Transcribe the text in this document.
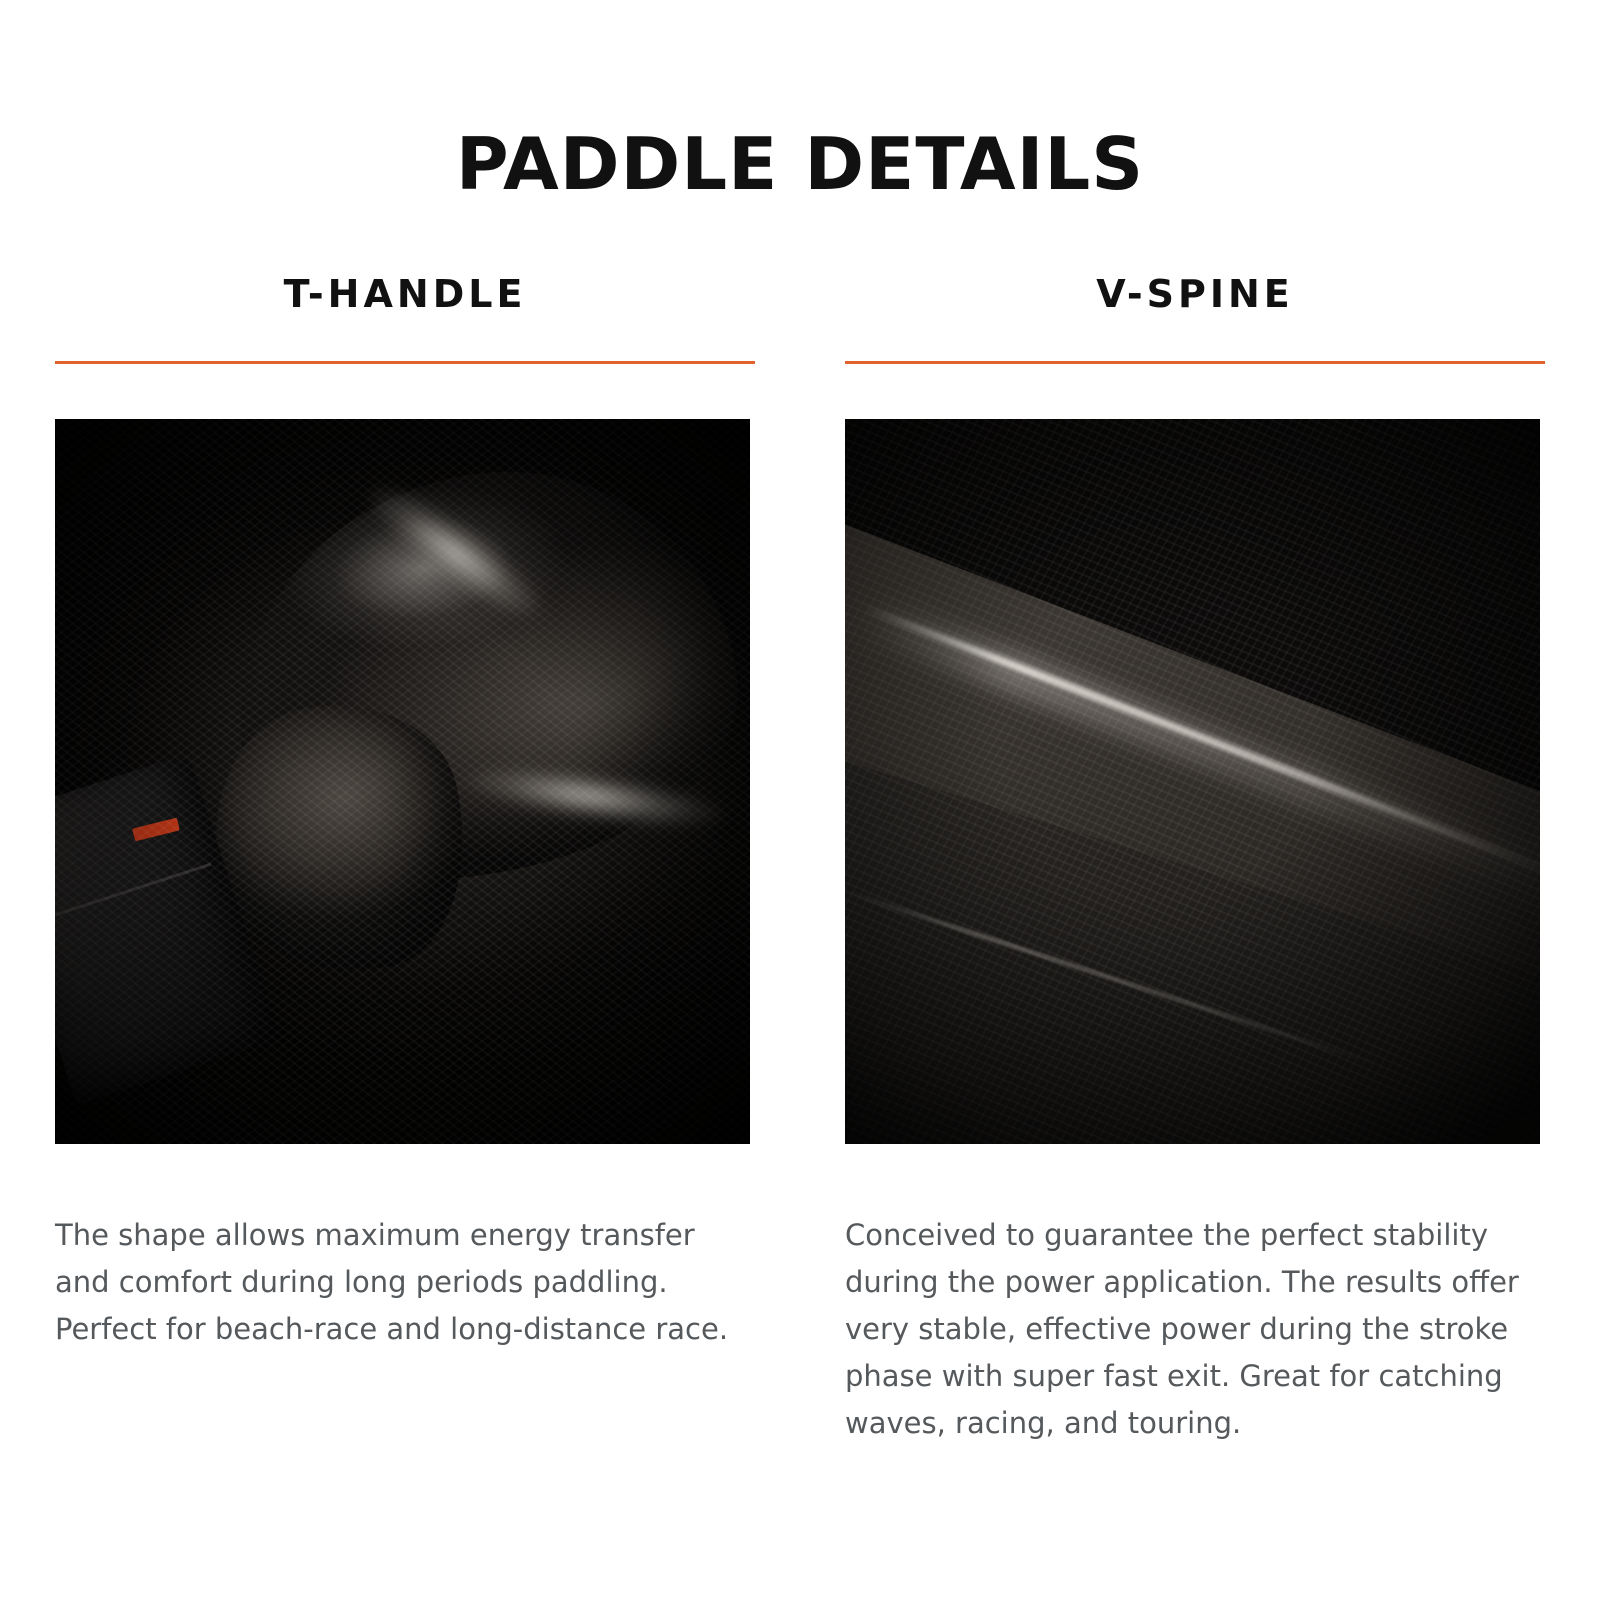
PADDLE DETAILS
T-HANDLE

The shape allows maximum energy transfer and comfort during long periods paddling. Perfect for beach-race and long-distance race.

V-SPINE

Conceived to guarantee the perfect stability during the power application. The results offer very stable, effective power during the stroke phase with super fast exit. Great for catching waves, racing, and touring.
